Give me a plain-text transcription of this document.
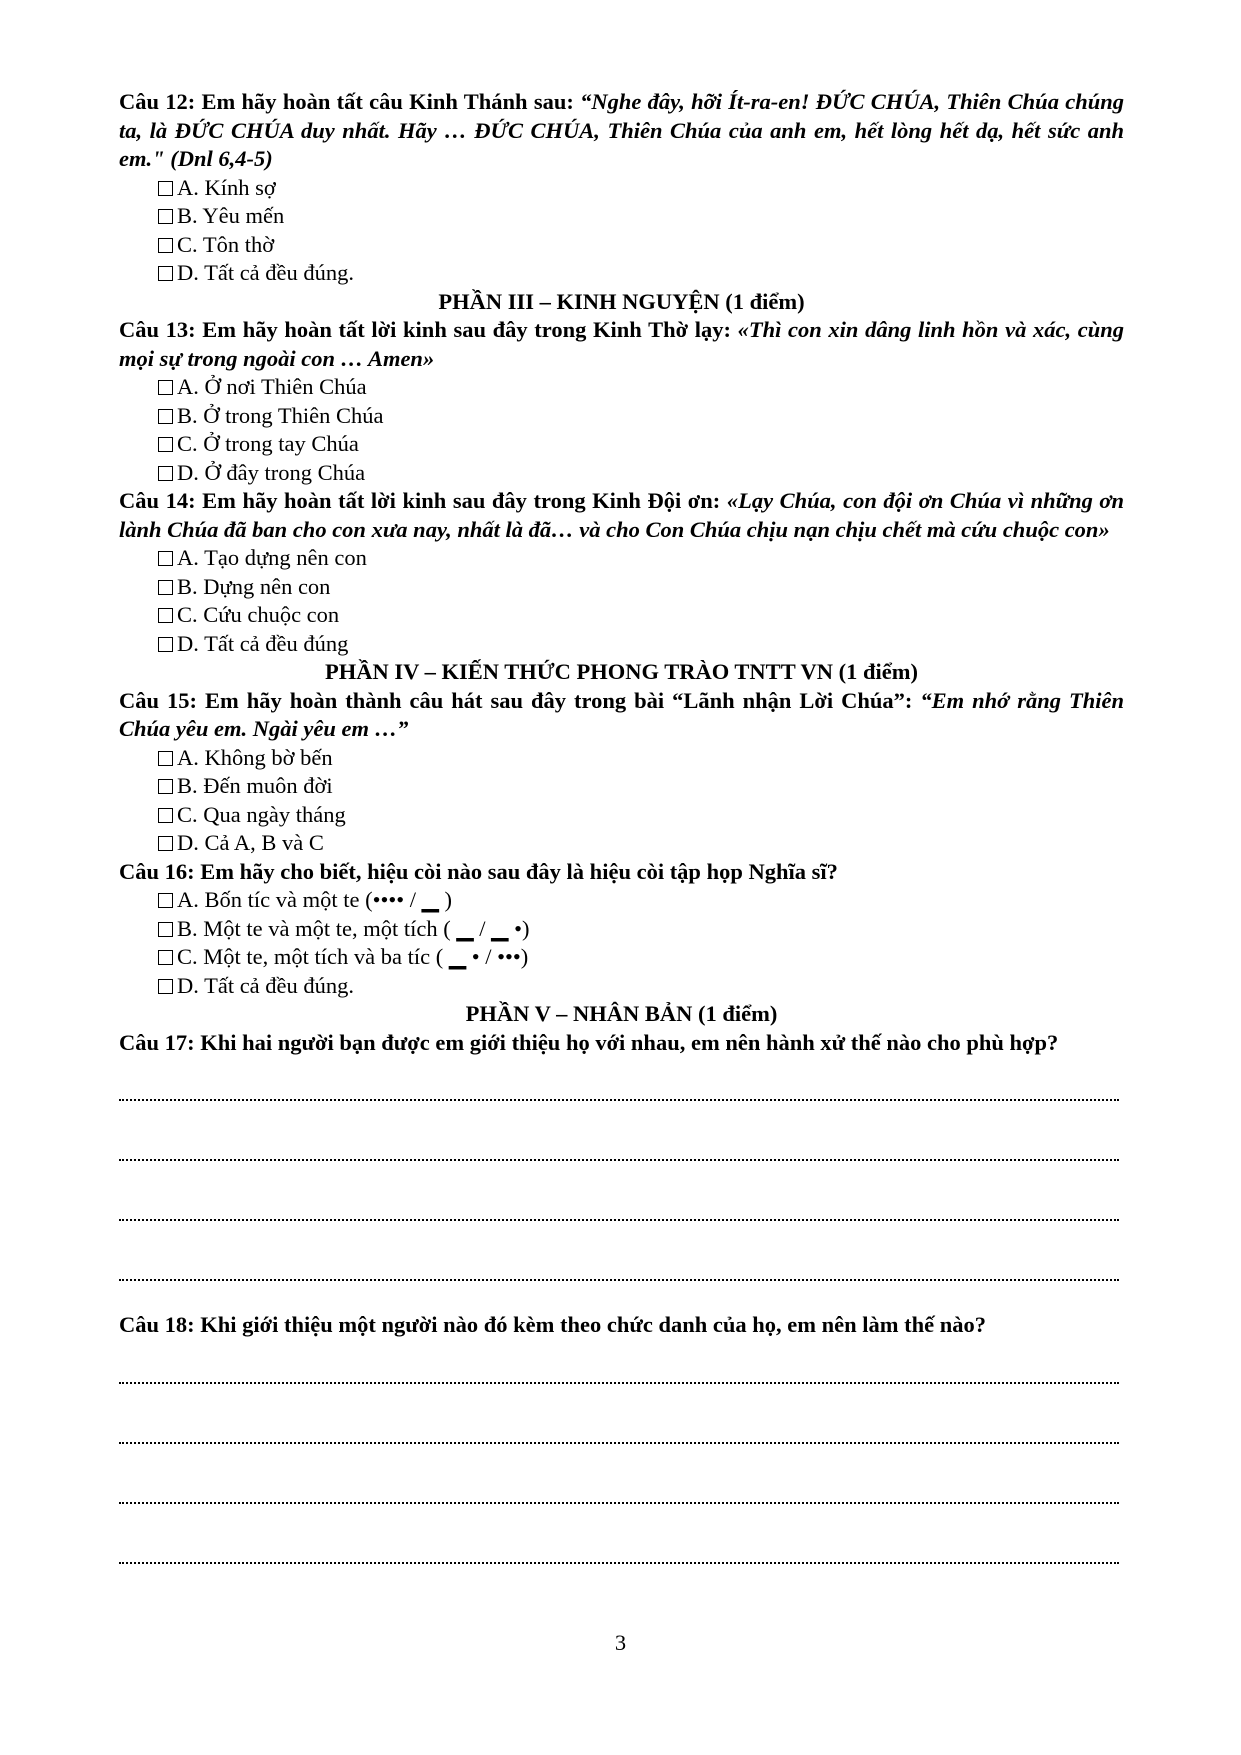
Câu 12: Em hãy hoàn tất câu Kinh Thánh sau: “Nghe đây, hỡi Ít-ra-en! ĐỨC CHÚA, Thiên Chúa chúng ta, là ĐỨC CHÚA duy nhất. Hãy … ĐỨC CHÚA, Thiên Chúa của anh em, hết lòng hết dạ, hết sức anh em." (Dnl 6,4-5)
A. Kính sợ
B. Yêu mến
C. Tôn thờ
D. Tất cả đều đúng.
PHẦN III – KINH NGUYỆN (1 điểm)
Câu 13: Em hãy hoàn tất lời kinh sau đây trong Kinh Thờ lạy: «Thì con xin dâng linh hồn và xác, cùng mọi sự trong ngoài con … Amen»
A. Ở nơi Thiên Chúa
B. Ở trong Thiên Chúa
C. Ở trong tay Chúa
D. Ở đây trong Chúa
Câu 14: Em hãy hoàn tất lời kinh sau đây trong Kinh Đội ơn: «Lạy Chúa, con đội ơn Chúa vì những ơn lành Chúa đã ban cho con xưa nay, nhất là đã… và cho Con Chúa chịu nạn chịu chết mà cứu chuộc con»
A. Tạo dựng nên con
B. Dựng nên con
C. Cứu chuộc con
D. Tất cả đều đúng
PHẦN IV – KIẾN THỨC PHONG TRÀO TNTT VN (1 điểm)
Câu 15: Em hãy hoàn thành câu hát sau đây trong bài “Lãnh nhận Lời Chúa”: “Em nhớ rằng Thiên Chúa yêu em. Ngài yêu em …”
A. Không bờ bến
B. Đến muôn đời
C. Qua ngày tháng
D. Cả A, B và C
Câu 16: Em hãy cho biết, hiệu còi nào sau đây là hiệu còi tập họp Nghĩa sĩ?
A. Bốn tíc và một te (•••• / ▁ )
B. Một te và một te, một tích ( ▁ / ▁ •)
C. Một te, một tích và ba tíc ( ▁ • / •••)
D. Tất cả đều đúng.
PHẦN V – NHÂN BẢN (1 điểm)
Câu 17: Khi hai người bạn được em giới thiệu họ với nhau, em nên hành xử thế nào cho phù hợp?
Câu 18: Khi giới thiệu một người nào đó kèm theo chức danh của họ, em nên làm thế nào?
3
